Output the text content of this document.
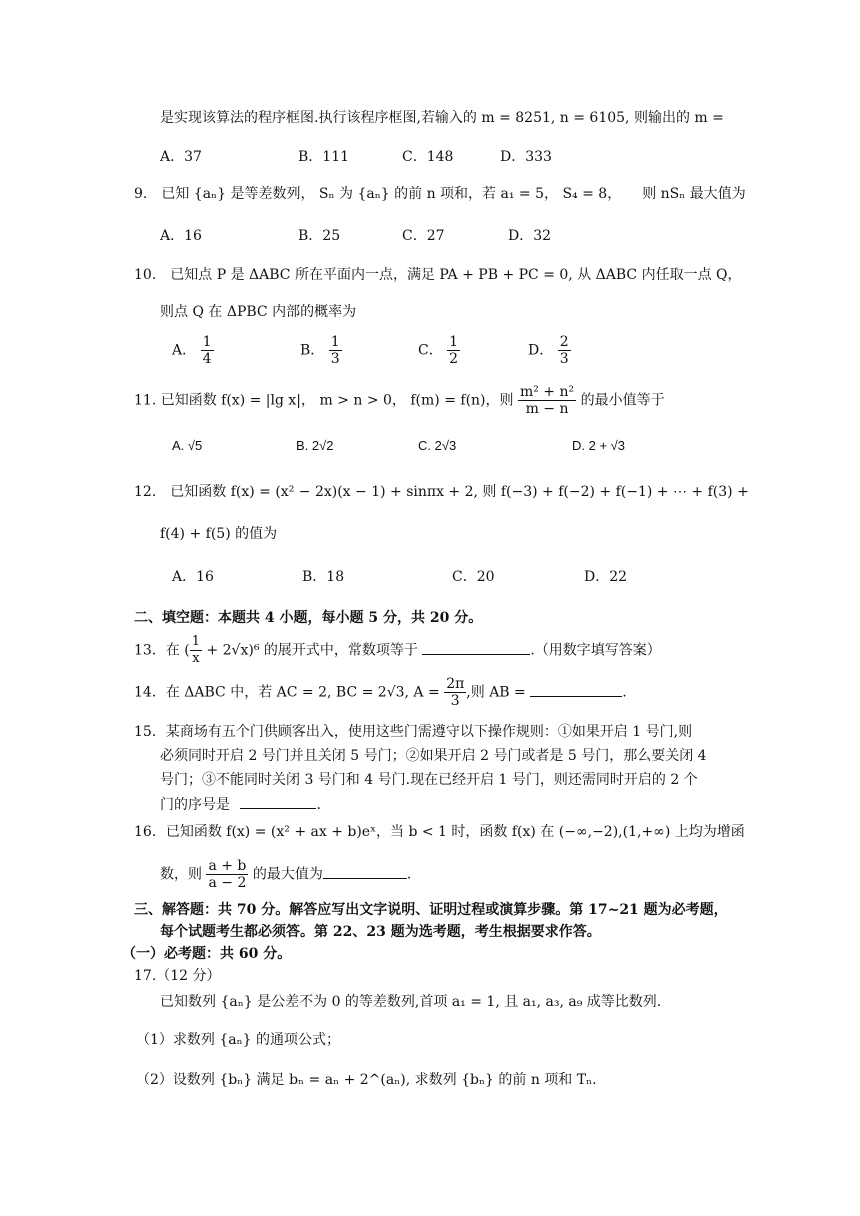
是实现该算法的程序框图.执行该程序框图,若输入的 m = 8251, n = 6105, 则输出的 m =
A．37	B．111	C．148	D．333
9.　已知 {aₙ} 是等差数列， Sₙ 为 {aₙ} 的前 n 项和，若 a₁ = 5， S₄ = 8，　　则 nSₙ 最大值为
A．16	B．25	C．27	D．32
10.　已知点 P 是 ΔABC 所在平面内一点，满足 PA + PB + PC = 0, 从 ΔABC 内任取一点 Q，
则点 Q 在 ΔPBC 内部的概率为
A． $\frac{1}{4}$	B． $\frac{1}{3}$	C． $\frac{1}{2}$	D． $\frac{2}{3}$
11. 已知函数 f(x) = |lg x|， m > n > 0， f(m) = f(n)，则 $\frac{\text{m² + n²}}{m - n}$ 的最小值等于
A. √5	B. 2√2	C. 2√3	D. 2 + √3
12.　已知函数 f(x) = (x² − 2x)(x − 1) + sinπx + 2, 则 f(−3) + f(−2) + f(−1) + ⋯ + f(3) +
f(4) + f(5) 的值为
A．16	B．18	C．20	D．22
二、填空题：本题共 4 小题，每小题 5 分，共 20 分。
13．在 ( $\frac{1}{x} + 2√x)^6$ 的展开式中，常数项等于	.（用数字填写答案）
14．在 ΔABC 中，若 AC = 2, BC = 2√3, $A = \frac{2\pi}{3}$ ,则 AB =	.
15．某商场有五个门供顾客出入，使用这些门需遵守以下操作规则：①如果开启 1 号门,则
必须同时开启 2 号门并且关闭 5 号门；②如果开启 2 号门或者是 5 号门，那么要关闭 4
号门；③不能同时关闭 3 号门和 4 号门.现在已经开启 1 号门，则还需同时开启的 2 个
门的序号是	.
16．已知函数 f(x) = (x² + ax + b)eˣ，当 b < 1 时，函数 f(x) 在 (−∞,−2),(1,+∞) 上均为增函
数，则 $\frac{a + b}{a - 2}$ 的最大值为	.
三、解答题：共 70 分。解答应写出文字说明、证明过程或演算步骤。第 17~21 题为必考题，
每个试题考生都必须答。第 22、23 题为选考题，考生根据要求作答。
（一）必考题：共 60 分。
17.（12 分）
已知数列 {aₙ} 是公差不为 0 的等差数列,首项 a₁ = 1, 且 a₁, a₃, a₉ 成等比数列.
（1）求数列 {aₙ} 的通项公式；
（2）设数列 {bₙ} 满足 bₙ = aₙ + 2^(aₙ), 求数列 {bₙ} 的前 n 项和 Tₙ.
